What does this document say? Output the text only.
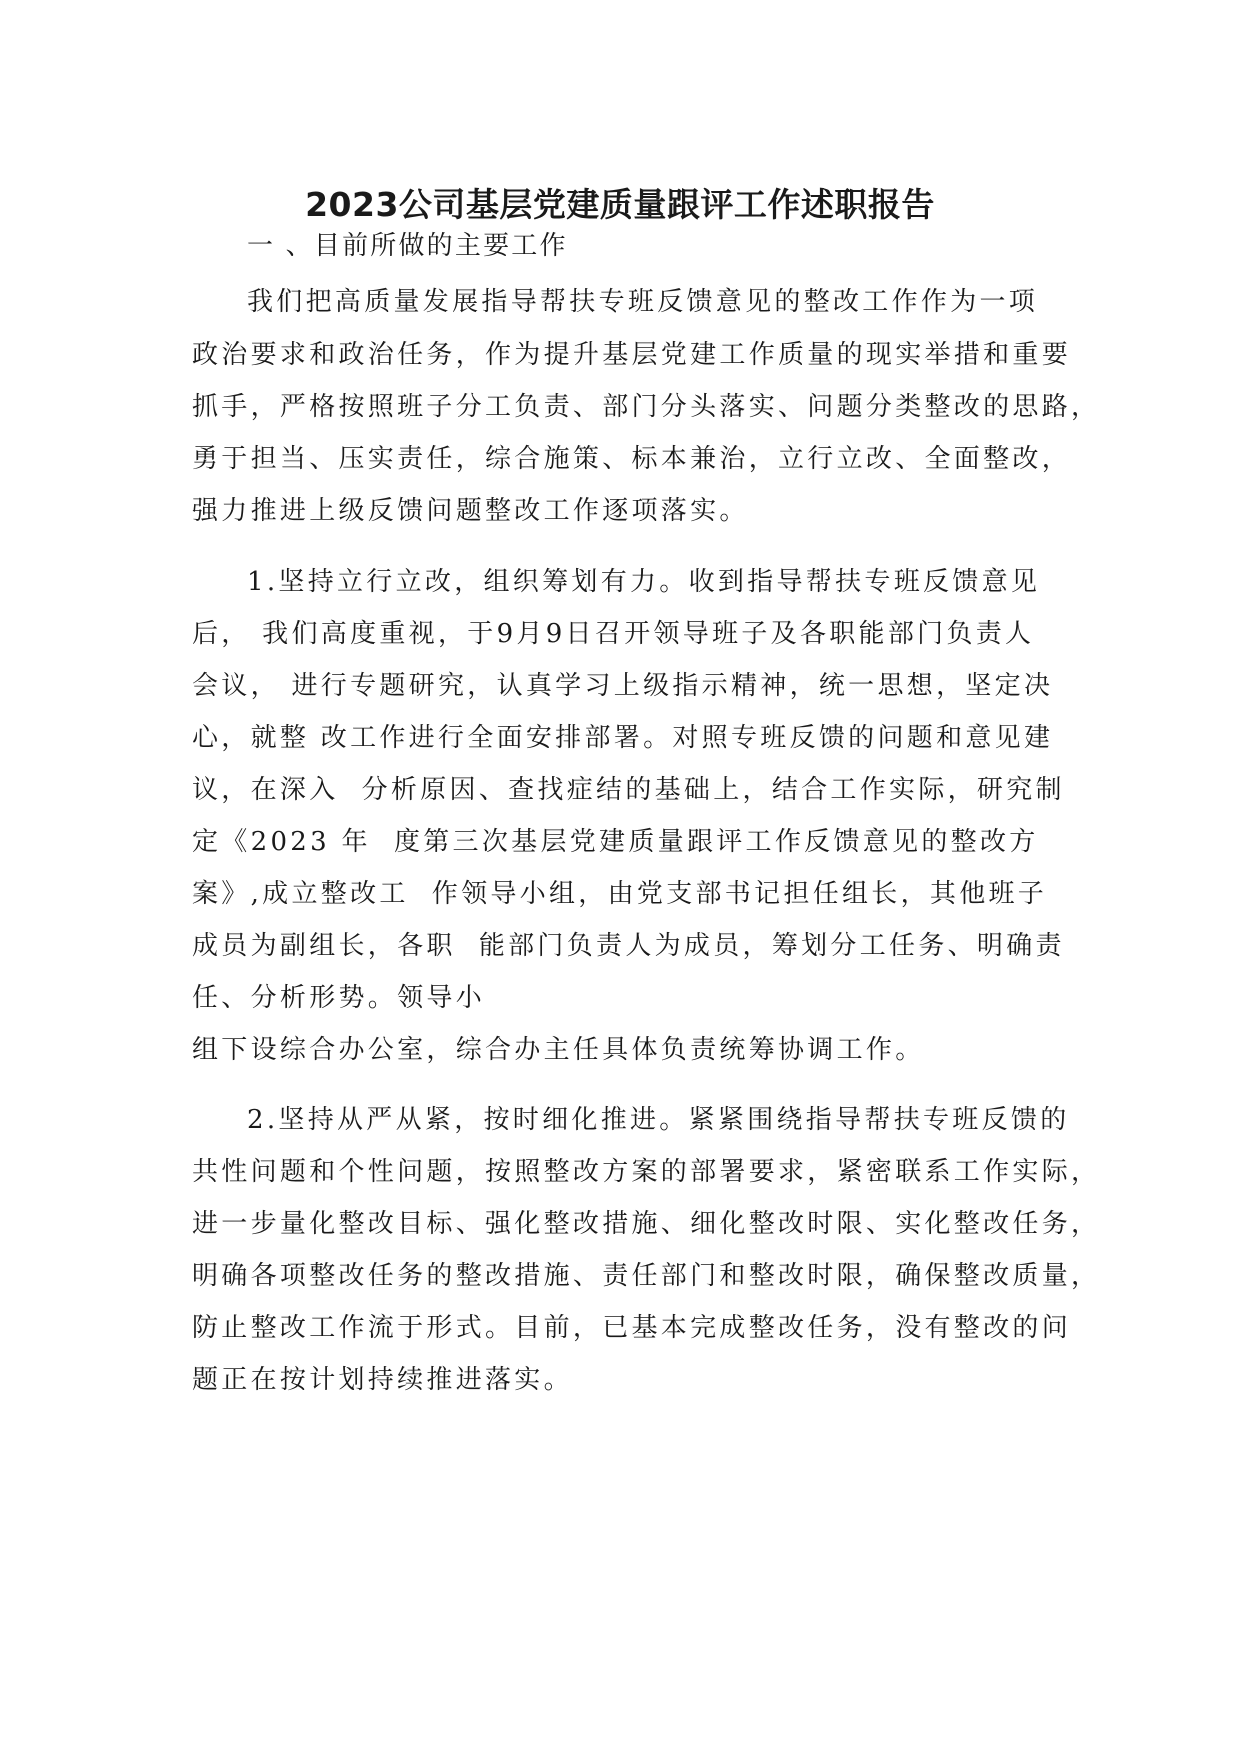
2023公司基层党建质量跟评工作述职报告

一 、目前所做的主要工作

我们把高质量发展指导帮扶专班反馈意见的整改工作作为一项

政治要求和政治任务，作为提升基层党建工作质量的现实举措和重要

抓手，严格按照班子分工负责、部门分头落实、问题分类整改的思路，

勇于担当、压实责任，综合施策、标本兼治，立行立改、全面整改，

强力推进上级反馈问题整改工作逐项落实。

1.坚持立行立改，组织筹划有力。收到指导帮扶专班反馈意见

后， 我们高度重视，于9月9日召开领导班子及各职能部门负责人

会议， 进行专题研究，认真学习上级指示精神，统一思想，坚定决

心，就整 改工作进行全面安排部署。对照专班反馈的问题和意见建

议，在深入  分析原因、查找症结的基础上，结合工作实际，研究制

定《2023 年  度第三次基层党建质量跟评工作反馈意见的整改方

案》,成立整改工  作领导小组，由党支部书记担任组长，其他班子

成员为副组长，各职  能部门负责人为成员，筹划分工任务、明确责

任、分析形势。领导小

组下设综合办公室，综合办主任具体负责统筹协调工作。

2.坚持从严从紧，按时细化推进。紧紧围绕指导帮扶专班反馈的

共性问题和个性问题，按照整改方案的部署要求，紧密联系工作实际，

进一步量化整改目标、强化整改措施、细化整改时限、实化整改任务，

明确各项整改任务的整改措施、责任部门和整改时限，确保整改质量，

防止整改工作流于形式。目前，已基本完成整改任务，没有整改的问

题正在按计划持续推进落实。
